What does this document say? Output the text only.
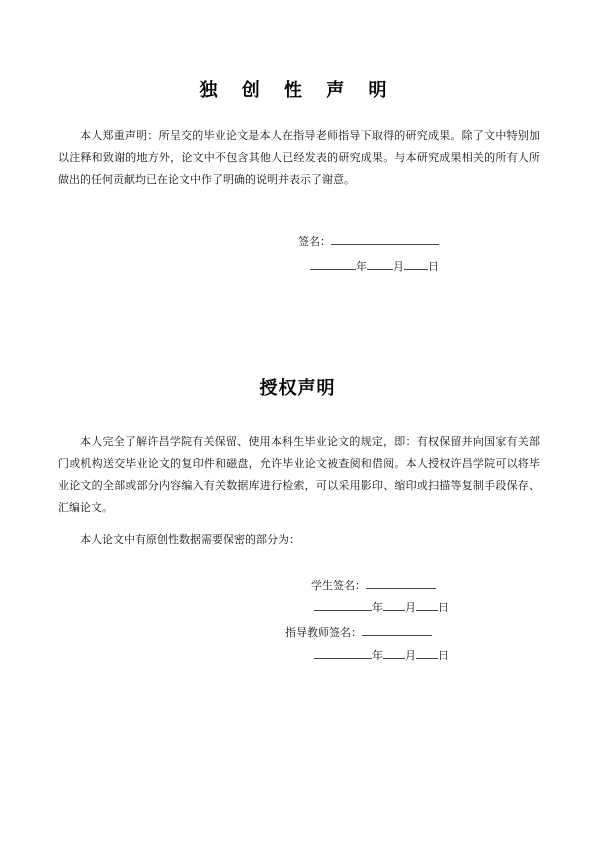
独 创 性 声 明
本人郑重声明：所呈交的毕业论文是本人在指导老师指导下取得的研究成果。除了文中特别加以注释和致谢的地方外，论文中不包含其他人已经发表的研究成果。与本研究成果相关的所有人所做出的任何贡献均已在论文中作了明确的说明并表示了谢意。
签名：
年 月 日
授权声明
本人完全了解许昌学院有关保留、使用本科生毕业论文的规定，即：有权保留并向国家有关部门或机构送交毕业论文的复印件和磁盘，允许毕业论文被查阅和借阅。本人授权许昌学院可以将毕业论文的全部或部分内容编入有关数据库进行检索，可以采用影印、缩印或扫描等复制手段保存、汇编论文。
本人论文中有原创性数据需要保密的部分为：
学生签名：
年 月 日
指导教师签名：
年 月 日
